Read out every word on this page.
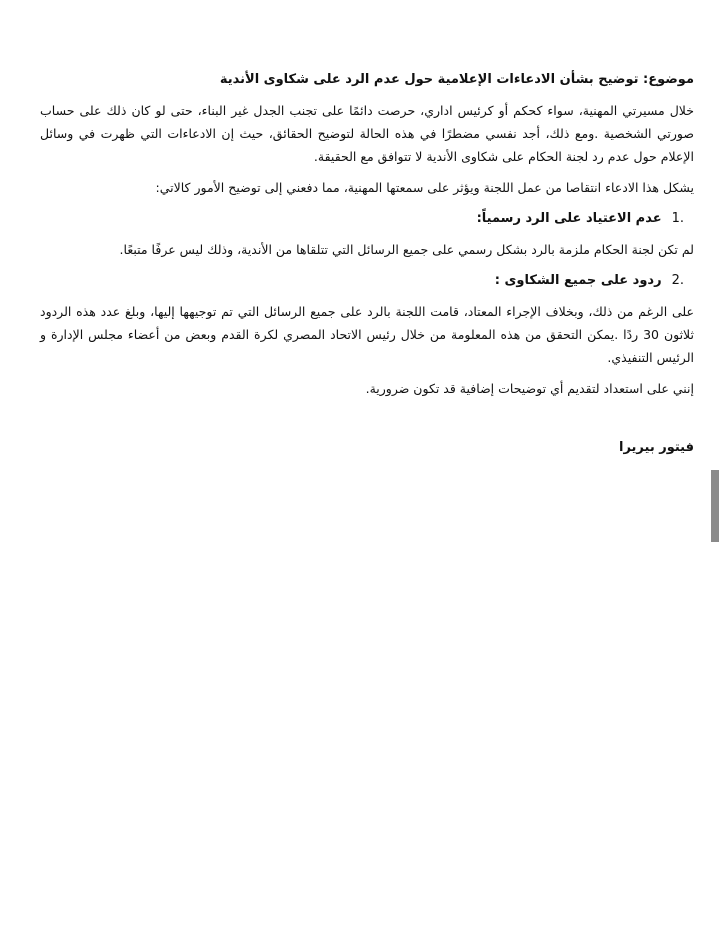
موضوع: توضيح بشأن الادعاءات الإعلامية حول عدم الرد على شكاوى الأندية

خلال مسيرتي المهنية، سواء كحكم أو كرئيس اداري، حرصت دائمًا على تجنب الجدل غير البناء، حتى لو كان ذلك على حساب صورتي الشخصية .ومع ذلك، أجد نفسي مضطرًا في هذه الحالة لتوضيح الحقائق، حيث إن الادعاءات التي ظهرت في وسائل الإعلام حول عدم رد لجنة الحكام على شكاوى الأندية لا تتوافق مع الحقيقة.

يشكل هذا الادعاء انتقاصا من عمل اللجنة ويؤثر على سمعتها المهنية، مما دفعني إلى توضيح الأمور كالاتي:

1.
عدم الاعتياد على الرد رسمياً:

لم تكن لجنة الحكام ملزمة بالرد بشكل رسمي على جميع الرسائل التي تتلقاها من الأندية، وذلك ليس عرفًا متبعًا.

2.
ردود على جميع الشكاوى :

على الرغم من ذلك، وبخلاف الإجراء المعتاد، قامت اللجنة بالرد على جميع الرسائل التي تم توجيهها إليها، وبلغ عدد هذه الردود ثلاثون 30 ردًا .يمكن التحقق من هذه المعلومة من خلال رئيس الاتحاد المصري لكرة القدم وبعض من أعضاء مجلس الإدارة و الرئيس التنفيذي.

إنني على استعداد لتقديم أي توضيحات إضافية قد تكون ضرورية.

فيتور بيريرا
